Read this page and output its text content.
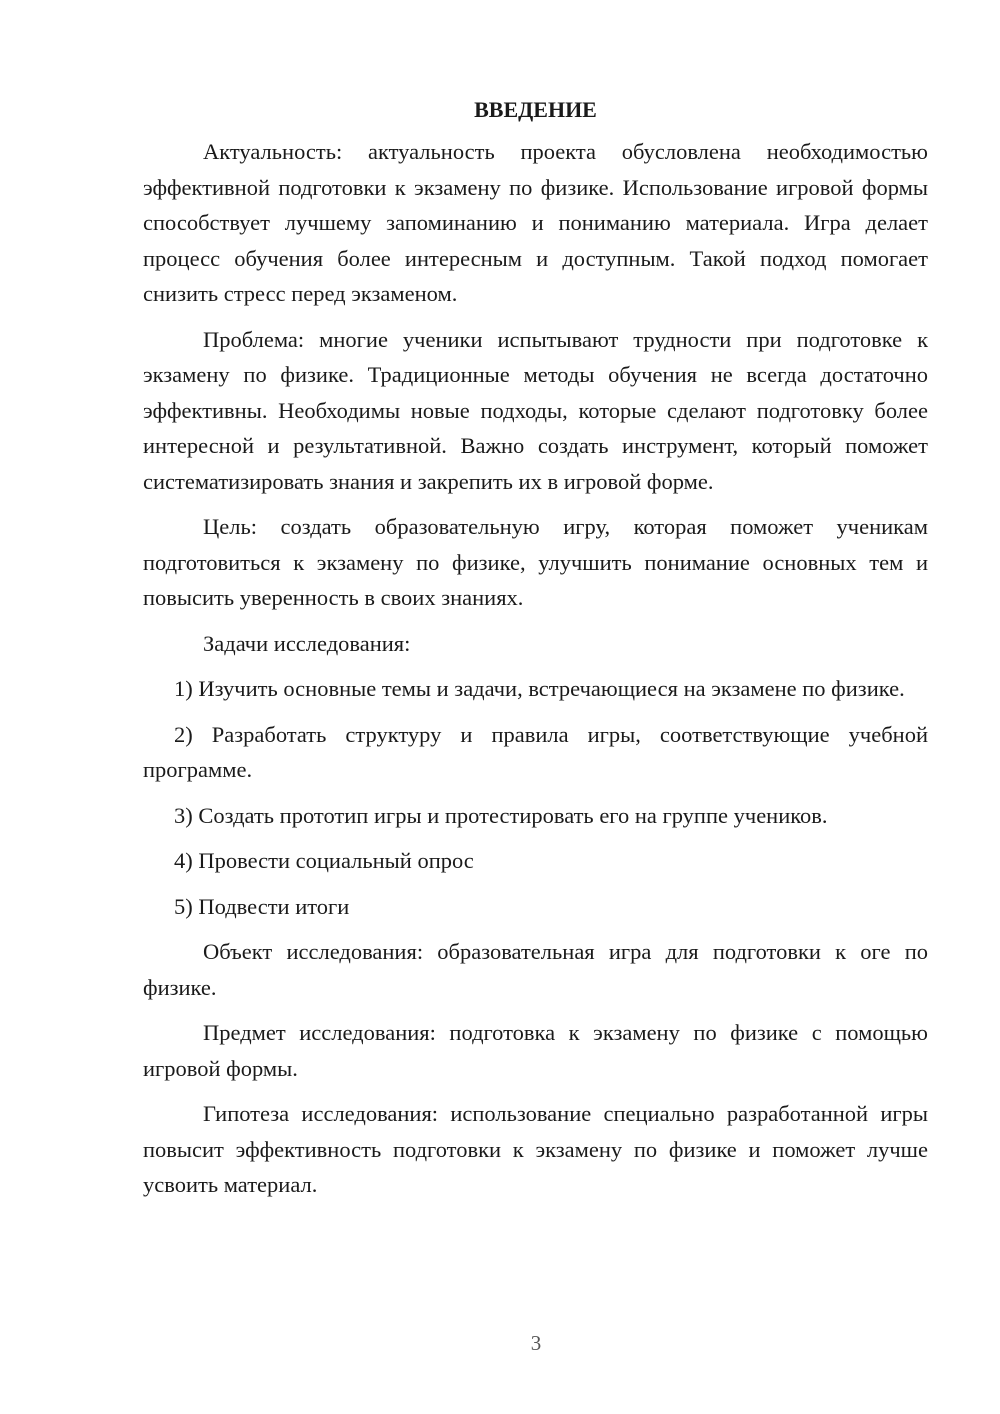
ВВЕДЕНИЕ

Актуальность: актуальность проекта обусловлена необходимостью эффективной подготовки к экзамену по физике. Использование игровой формы способствует лучшему запоминанию и пониманию материала. Игра делает процесс обучения более интересным и доступным. Такой подход помогает снизить стресс перед экзаменом.

Проблема: многие ученики испытывают трудности при подготовке к экзамену по физике. Традиционные методы обучения не всегда достаточно эффективны. Необходимы новые подходы, которые сделают подготовку более интересной и результативной. Важно создать инструмент, который поможет систематизировать знания и закрепить их в игровой форме.

Цель: создать образовательную игру, которая поможет ученикам подготовиться к экзамену по физике, улучшить понимание основных тем и повысить уверенность в своих знаниях.

Задачи исследования:

1) Изучить основные темы и задачи, встречающиеся на экзамене по физике.

2) Разработать структуру и правила игры, соответствующие учебной программе.

3) Создать прототип игры и протестировать его на группе учеников.

4) Провести социальный опрос

5) Подвести итоги

Объект исследования: образовательная игра для подготовки к оге по физике.

Предмет исследования: подготовка к экзамену по физике с помощью игровой формы.

Гипотеза исследования: использование специально разработанной игры повысит эффективность подготовки к экзамену по физике и поможет лучше усвоить материал.

3
